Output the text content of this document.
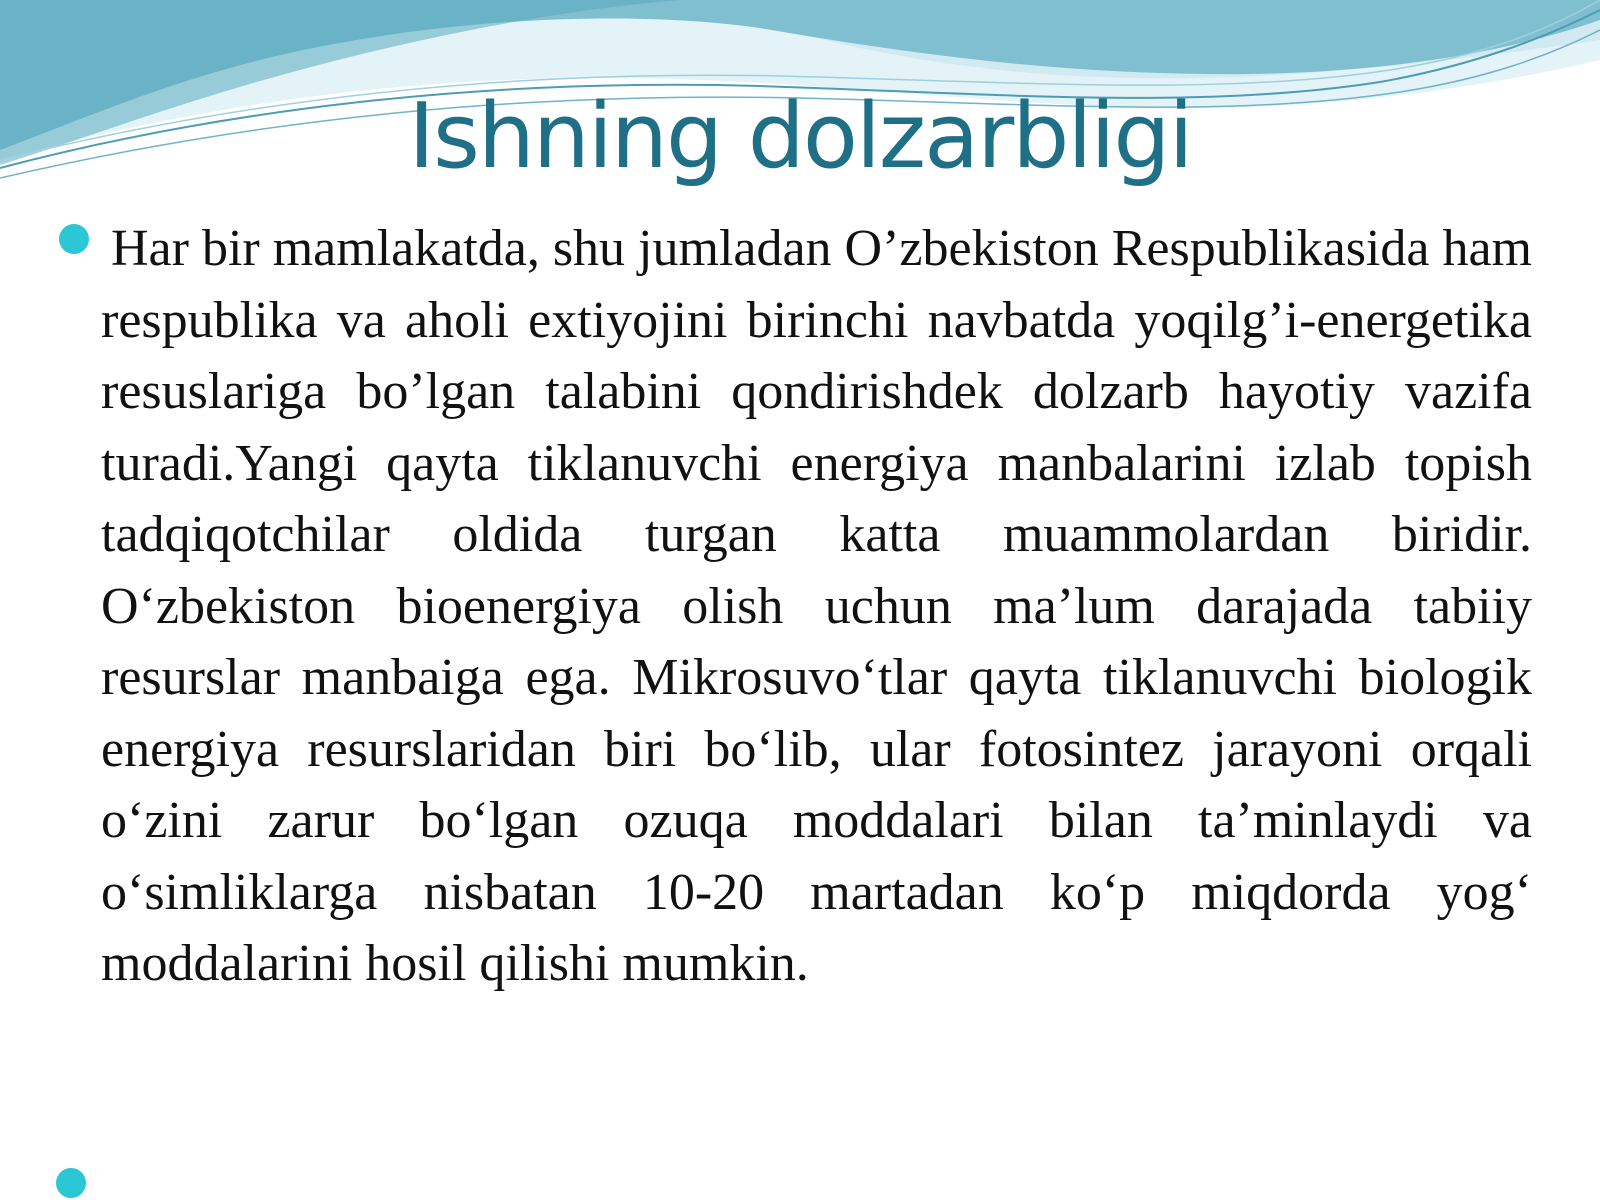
Ishning dolzarbligi

Har bir mamlakatda, shu jumladan O’zbekiston Respublikasida ham respublika va aholi extiyojini birinchi navbatda yoqilg’i-energetika resuslariga bo’lgan talabini qondirishdek dolzarb hayotiy vazifa turadi.Yangi qayta tiklanuvchi energiya manbalarini izlab topish tadqiqotchilar oldida turgan katta muammolardan biridir. O‘zbekiston bioenergiya olish uchun ma’lum darajada tabiiy resurslar manbaiga ega. Mikrosuvo‘tlar qayta tiklanuvchi biologik energiya resurslaridan biri bo‘lib, ular fotosintez jarayoni orqali o‘zini zarur bo‘lgan ozuqa moddalari bilan ta’minlaydi va o‘simliklarga nisbatan 10-20 martadan ko‘p miqdorda yog‘ moddalarini hosil qilishi mumkin.
